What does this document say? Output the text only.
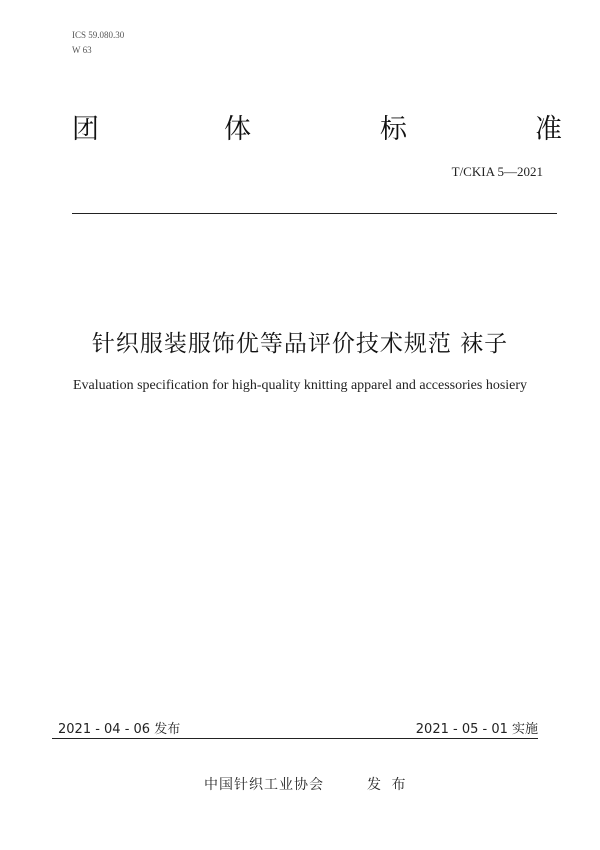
ICS 59.080.30
W 63
团	体	标	准
T/CKIA 5—2021
针织服装服饰优等品评价技术规范 袜子
Evaluation specification for high-quality knitting apparel and accessories hosiery
2021 - 04 - 06 发布	2021 - 05 - 01 实施
中国针织工业协会	发 布
